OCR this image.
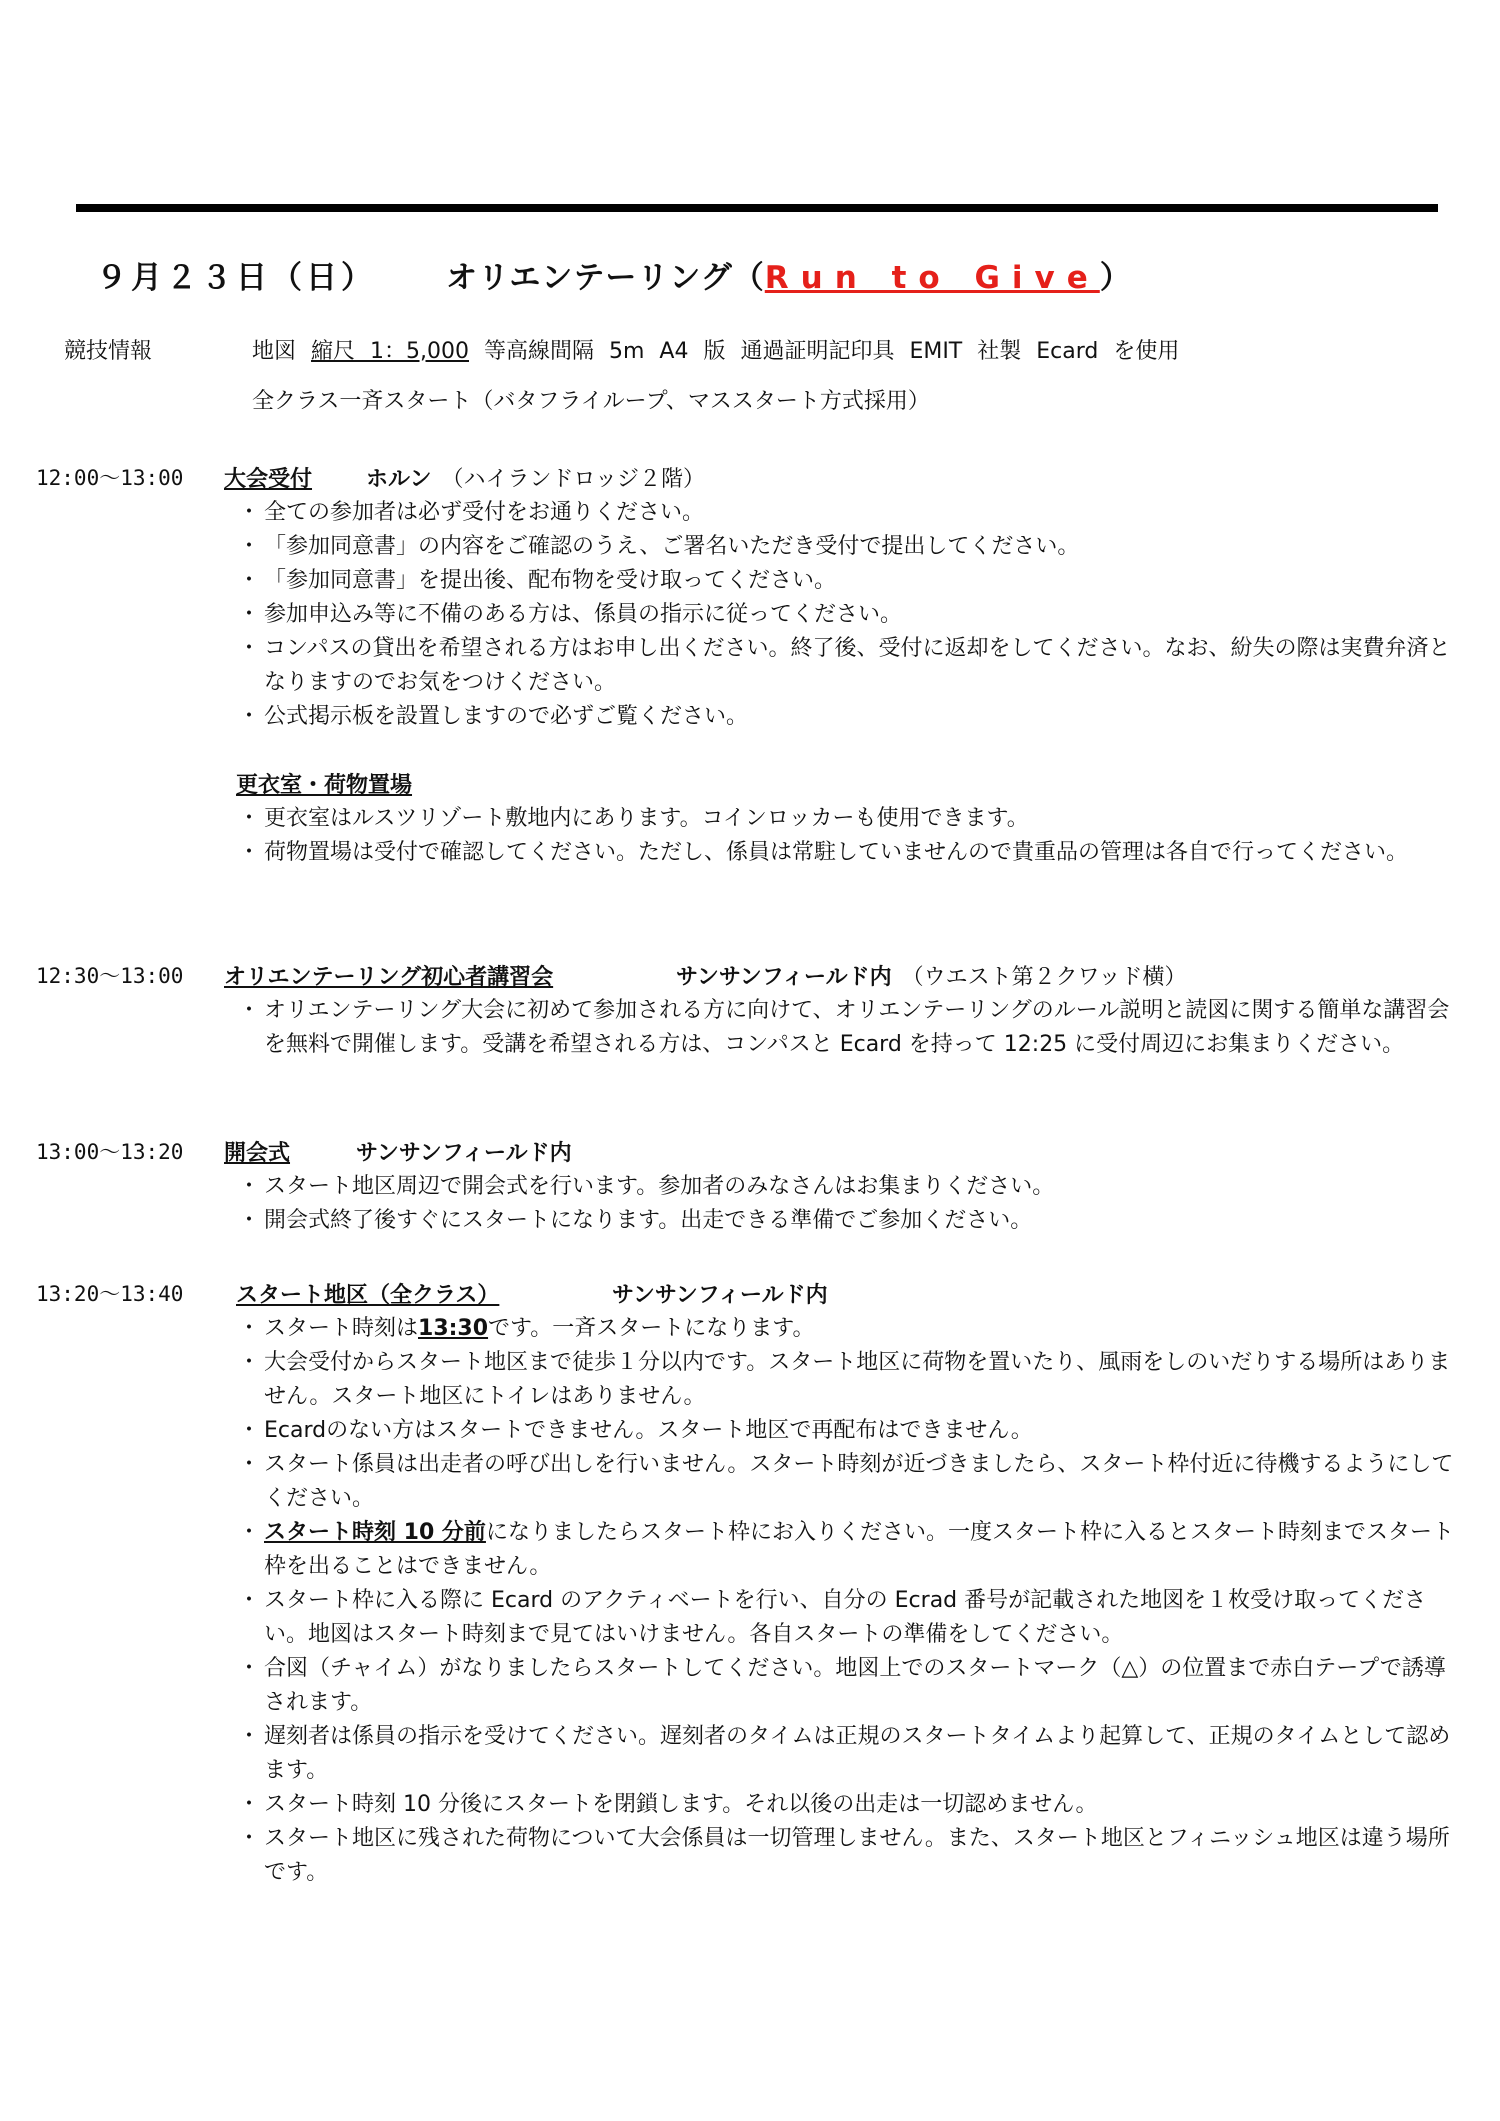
９月２３日（日） オリエンテーリング（Run to Give）
競技情報	地図 縮尺 1：5,000 等高線間隔 5m A4 版 通過証明記印具 EMIT 社製 Ecard を使用
全クラス一斉スタート（バタフライループ、マススタート方式採用）
12:00〜13:00 大会受付 ホルン （ハイランドロッジ２階）
・ 全ての参加者は必ず受付をお通りください。
・ 「参加同意書」の内容をご確認のうえ、ご署名いただき受付で提出してください。
・ 「参加同意書」を提出後、配布物を受け取ってください。
・ 参加申込み等に不備のある方は、係員の指示に従ってください。
・ コンパスの貸出を希望される方はお申し出ください。終了後、受付に返却をしてください。なお、紛失の際は実費弁済となりますのでお気をつけください。
・ 公式掲示板を設置しますので必ずご覧ください。
更衣室・荷物置場
・ 更衣室はルスツリゾート敷地内にあります。コインロッカーも使用できます。
・ 荷物置場は受付で確認してください。ただし、係員は常駐していませんので貴重品の管理は各自で行ってください。
12:30〜13:00 オリエンテーリング初心者講習会	サンサンフィールド内 （ウエスト第２クワッド横）
・ オリエンテーリング大会に初めて参加される方に向けて、オリエンテーリングのルール説明と読図に関する簡単な講習会を無料で開催します。受講を希望される方は、コンパスと Ecard を持って 12:25 に受付周辺にお集まりください。
13:00〜13:20 開会式	サンサンフィールド内
・ スタート地区周辺で開会式を行います。参加者のみなさんはお集まりください。
・ 開会式終了後すぐにスタートになります。出走できる準備でご参加ください。
13:20〜13:40 スタート地区（全クラス）	サンサンフィールド内
・ スタート時刻は13:30です。一斉スタートになります。
・ 大会受付からスタート地区まで徒歩１分以内です。スタート地区に荷物を置いたり、風雨をしのいだりする場所はありません。スタート地区にトイレはありません。
・ Ecardのない方はスタートできません。スタート地区で再配布はできません。
・ スタート係員は出走者の呼び出しを行いません。スタート時刻が近づきましたら、スタート枠付近に待機するようにしてください。
・ スタート時刻 10 分前になりましたらスタート枠にお入りください。一度スタート枠に入るとスタート時刻までスタート枠を出ることはできません。
・ スタート枠に入る際に Ecard のアクティベートを行い、自分の Ecrad 番号が記載された地図を１枚受け取ってください。地図はスタート時刻まで見てはいけません。各自スタートの準備をしてください。
・ 合図（チャイム）がなりましたらスタートしてください。地図上でのスタートマーク（△）の位置まで赤白テープで誘導されます。
・ 遅刻者は係員の指示を受けてください。遅刻者のタイムは正規のスタートタイムより起算して、正規のタイムとして認めます。
・ スタート時刻 10 分後にスタートを閉鎖します。それ以後の出走は一切認めません。
・ スタート地区に残された荷物について大会係員は一切管理しません。また、スタート地区とフィニッシュ地区は違う場所です。
